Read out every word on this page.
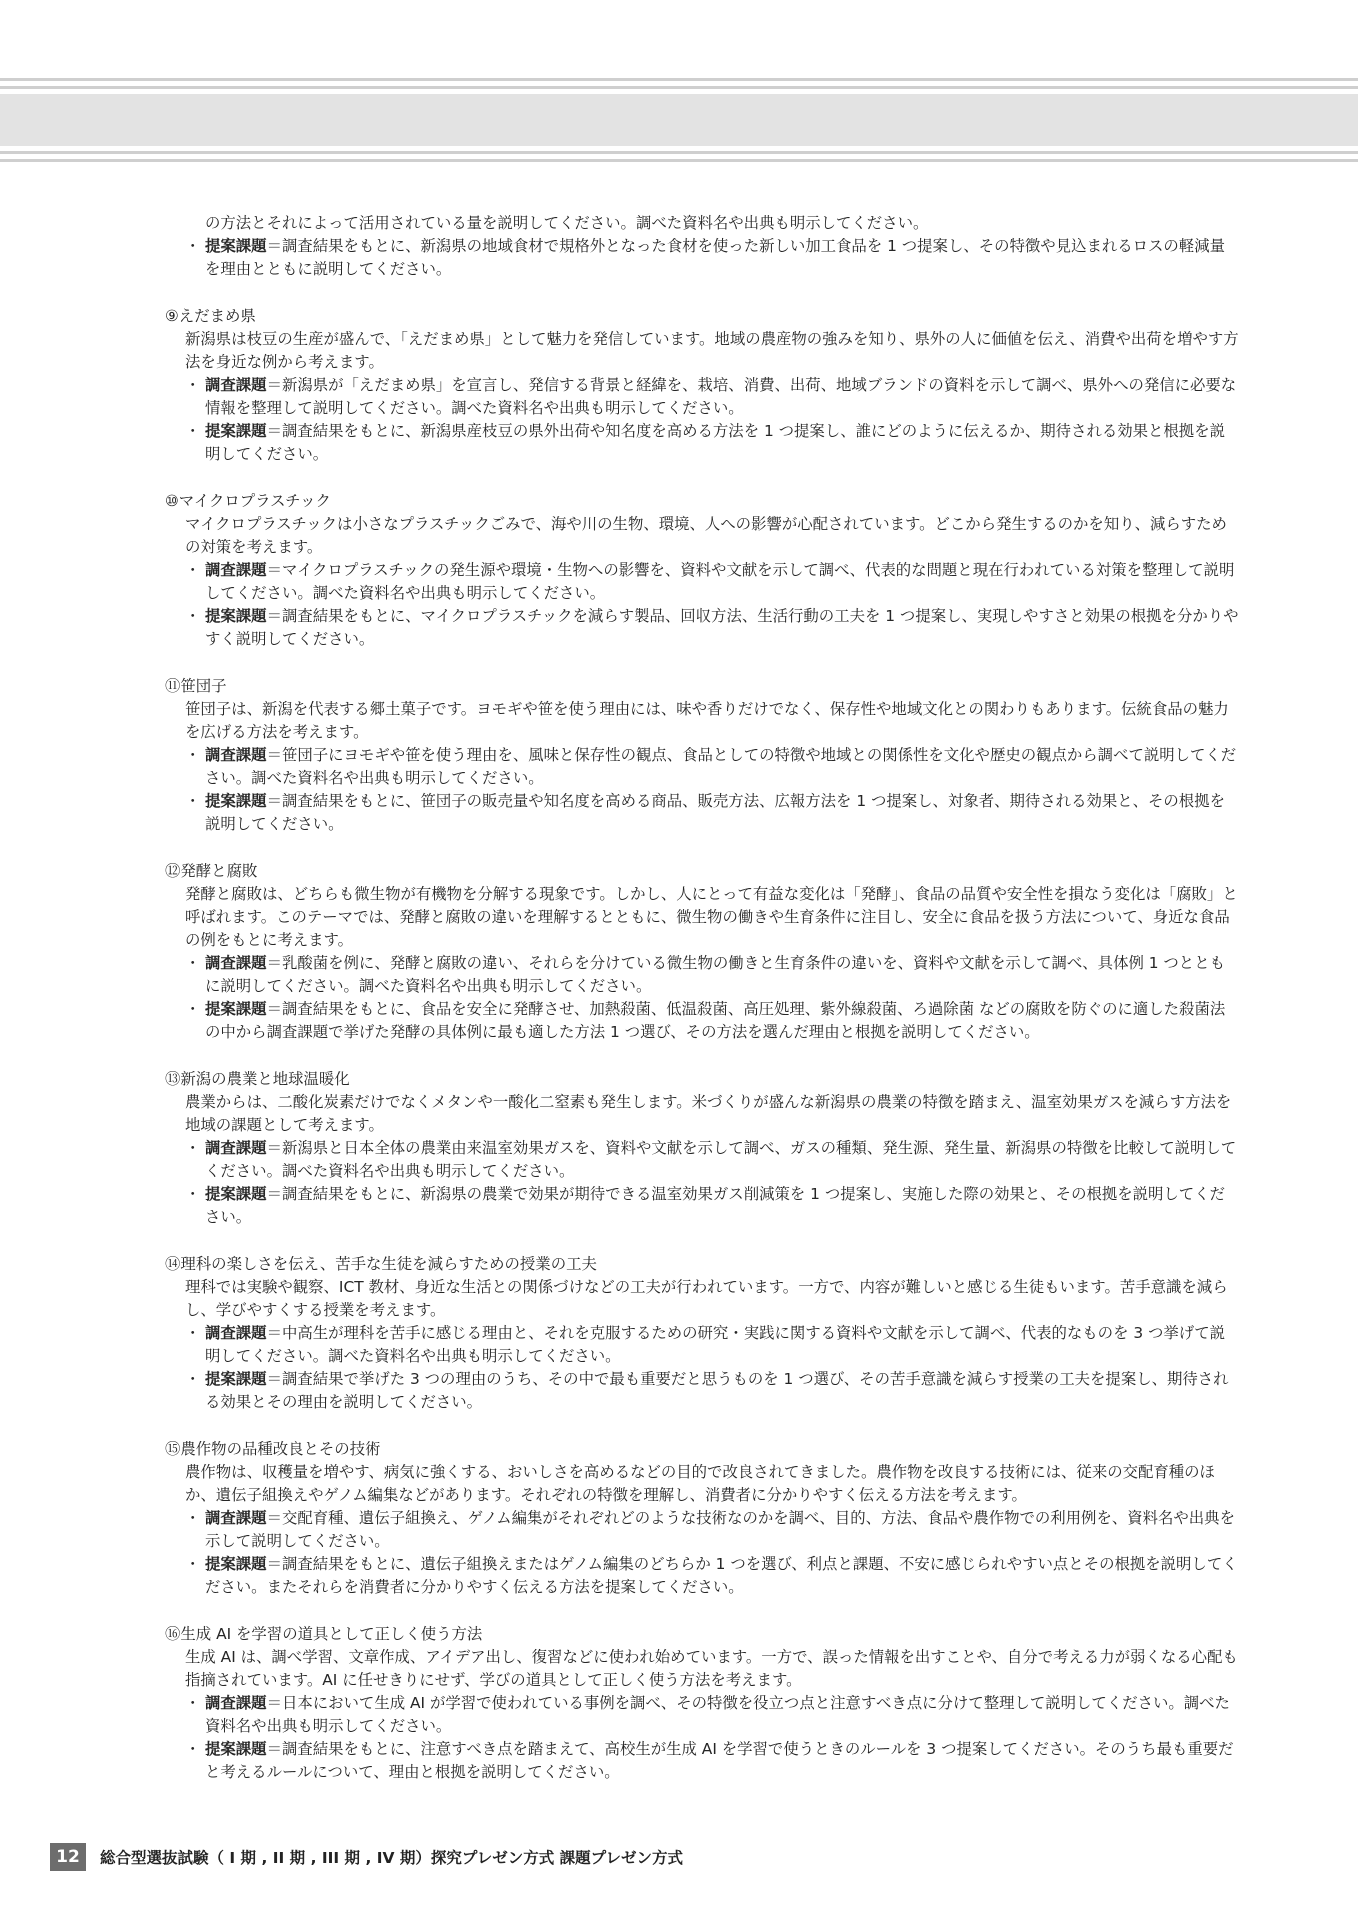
の方法とそれによって活用されている量を説明してください。調べた資料名や出典も明示してください。

・ 提案課題＝調査結果をもとに、新潟県の地域食材で規格外となった食材を使った新しい加工食品を 1 つ提案し、その特徴や見込まれるロスの軽減量を理由とともに説明してください。

⑨えだまめ県

新潟県は枝豆の生産が盛んで、「えだまめ県」として魅力を発信しています。地域の農産物の強みを知り、県外の人に価値を伝え、消費や出荷を増やす方法を身近な例から考えます。

・ 調査課題＝新潟県が「えだまめ県」を宣言し、発信する背景と経緯を、栽培、消費、出荷、地域ブランドの資料を示して調べ、県外への発信に必要な情報を整理して説明してください。調べた資料名や出典も明示してください。

・ 提案課題＝調査結果をもとに、新潟県産枝豆の県外出荷や知名度を高める方法を 1 つ提案し、誰にどのように伝えるか、期待される効果と根拠を説明してください。

⑩マイクロプラスチック

マイクロプラスチックは小さなプラスチックごみで、海や川の生物、環境、人への影響が心配されています。どこから発生するのかを知り、減らすための対策を考えます。

・ 調査課題＝マイクロプラスチックの発生源や環境・生物への影響を、資料や文献を示して調べ、代表的な問題と現在行われている対策を整理して説明してください。調べた資料名や出典も明示してください。

・ 提案課題＝調査結果をもとに、マイクロプラスチックを減らす製品、回収方法、生活行動の工夫を 1 つ提案し、実現しやすさと効果の根拠を分かりやすく説明してください。

⑪笹団子

笹団子は、新潟を代表する郷土菓子です。ヨモギや笹を使う理由には、味や香りだけでなく、保存性や地域文化との関わりもあります。伝統食品の魅力を広げる方法を考えます。

・ 調査課題＝笹団子にヨモギや笹を使う理由を、風味と保存性の観点、食品としての特徴や地域との関係性を文化や歴史の観点から調べて説明してください。調べた資料名や出典も明示してください。

・ 提案課題＝調査結果をもとに、笹団子の販売量や知名度を高める商品、販売方法、広報方法を 1 つ提案し、対象者、期待される効果と、その根拠を説明してください。

⑫発酵と腐敗

発酵と腐敗は、どちらも微生物が有機物を分解する現象です。しかし、人にとって有益な変化は「発酵」、食品の品質や安全性を損なう変化は「腐敗」と呼ばれます。このテーマでは、発酵と腐敗の違いを理解するとともに、微生物の働きや生育条件に注目し、安全に食品を扱う方法について、身近な食品の例をもとに考えます。

・ 調査課題＝乳酸菌を例に、発酵と腐敗の違い、それらを分けている微生物の働きと生育条件の違いを、資料や文献を示して調べ、具体例 1 つとともに説明してください。調べた資料名や出典も明示してください。

・ 提案課題＝調査結果をもとに、食品を安全に発酵させ、加熱殺菌、低温殺菌、高圧処理、紫外線殺菌、ろ過除菌 などの腐敗を防ぐのに適した殺菌法の中から調査課題で挙げた発酵の具体例に最も適した方法 1 つ選び、その方法を選んだ理由と根拠を説明してください。

⑬新潟の農業と地球温暖化

農業からは、二酸化炭素だけでなくメタンや一酸化二窒素も発生します。米づくりが盛んな新潟県の農業の特徴を踏まえ、温室効果ガスを減らす方法を地域の課題として考えます。

・ 調査課題＝新潟県と日本全体の農業由来温室効果ガスを、資料や文献を示して調べ、ガスの種類、発生源、発生量、新潟県の特徴を比較して説明してください。調べた資料名や出典も明示してください。

・ 提案課題＝調査結果をもとに、新潟県の農業で効果が期待できる温室効果ガス削減策を 1 つ提案し、実施した際の効果と、その根拠を説明してください。

⑭理科の楽しさを伝え、苦手な生徒を減らすための授業の工夫

理科では実験や観察、ICT 教材、身近な生活との関係づけなどの工夫が行われています。一方で、内容が難しいと感じる生徒もいます。苦手意識を減らし、学びやすくする授業を考えます。

・ 調査課題＝中高生が理科を苦手に感じる理由と、それを克服するための研究・実践に関する資料や文献を示して調べ、代表的なものを 3 つ挙げて説明してください。調べた資料名や出典も明示してください。

・ 提案課題＝調査結果で挙げた 3 つの理由のうち、その中で最も重要だと思うものを 1 つ選び、その苦手意識を減らす授業の工夫を提案し、期待される効果とその理由を説明してください。

⑮農作物の品種改良とその技術

農作物は、収穫量を増やす、病気に強くする、おいしさを高めるなどの目的で改良されてきました。農作物を改良する技術には、従来の交配育種のほか、遺伝子組換えやゲノム編集などがあります。それぞれの特徴を理解し、消費者に分かりやすく伝える方法を考えます。

・ 調査課題＝交配育種、遺伝子組換え、ゲノム編集がそれぞれどのような技術なのかを調べ、目的、方法、食品や農作物での利用例を、資料名や出典を示して説明してください。

・ 提案課題＝調査結果をもとに、遺伝子組換えまたはゲノム編集のどちらか 1 つを選び、利点と課題、不安に感じられやすい点とその根拠を説明してください。またそれらを消費者に分かりやすく伝える方法を提案してください。

⑯生成 AI を学習の道具として正しく使う方法

生成 AI は、調べ学習、文章作成、アイデア出し、復習などに使われ始めています。一方で、誤った情報を出すことや、自分で考える力が弱くなる心配も指摘されています。AI に任せきりにせず、学びの道具として正しく使う方法を考えます。

・ 調査課題＝日本において生成 AI が学習で使われている事例を調べ、その特徴を役立つ点と注意すべき点に分けて整理して説明してください。調べた資料名や出典も明示してください。

・ 提案課題＝調査結果をもとに、注意すべき点を踏まえて、高校生が生成 AI を学習で使うときのルールを 3 つ提案してください。そのうち最も重要だと考えるルールについて、理由と根拠を説明してください。

12	総合型選抜試験（ I 期 , II 期 , III 期 , IV 期）探究プレゼン方式 課題プレゼン方式
